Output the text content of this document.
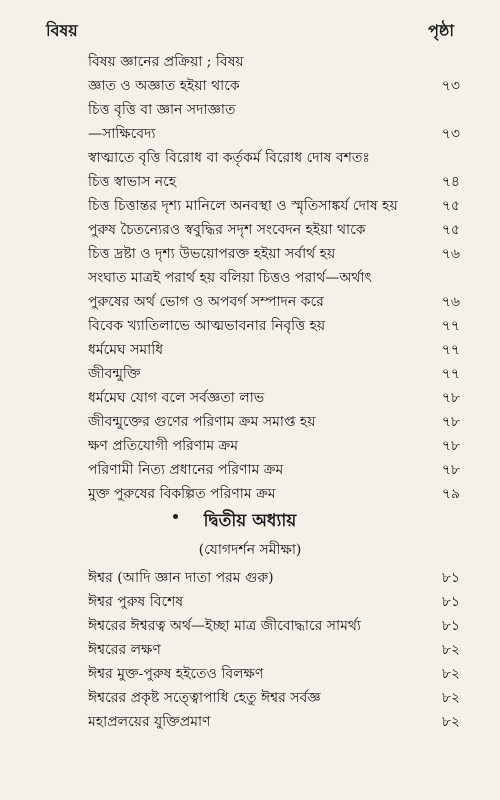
বিষয়	পৃষ্ঠা
বিষয় জ্ঞানের প্রক্রিয়া ; বিষয়
জ্ঞাত ও অজ্ঞাত হইয়া থাকে	৭৩
চিত্ত বৃত্তি বা জ্ঞান সদাজ্ঞাত
—সাক্ষিবেদ্য	৭৩
স্বাত্মাতে বৃত্তি বিরোধ বা কর্তৃকর্ম বিরোধ দোষ বশতঃ
চিত্ত স্বাভাস নহে	৭৪
চিত্ত চিত্তান্তর দৃশ্য মানিলে অনবস্থা ও স্মৃতিসাঙ্কর্য দোষ হয়	৭৫
পুরুষ চৈতন্যেরও স্ববুদ্ধির সদৃশ সংবেদন হইয়া থাকে	৭৫
চিত্ত দ্রষ্টা ও দৃশ্য উভয়োপরক্ত হইয়া সর্বার্থ হয়	৭৬
সংঘাত মাত্রই পরার্থ হয় বলিয়া চিত্তও পরার্থ—অর্থাৎ
পুরুষের অর্থ ভোগ ও অপবর্গ সম্পাদন করে	৭৬
বিবেক খ্যাতিলাভে আত্মভাবনার নিবৃত্তি হয়	৭৭
ধর্মমেঘ সমাধি	৭৭
জীবন্মুক্তি	৭৭
ধর্মমেঘ যোগ বলে সর্বজ্ঞতা লাভ	৭৮
জীবন্মুক্তের গুণের পরিণাম ক্রম সমাপ্ত হয়	৭৮
ক্ষণ প্রতিযোগী পরিণাম ক্রম	৭৮
পরিণামী নিত্য প্রধানের পরিণাম ক্রম	৭৮
মুক্ত পুরুষের বিকল্পিত পরিণাম ক্রম	৭৯
দ্বিতীয় অধ্যায়
(যোগদর্শন সমীক্ষা)
ঈশ্বর (আদি জ্ঞান দাতা পরম গুরু)	৮১
ঈশ্বর পুরুষ বিশেষ	৮১
ঈশ্বরের ঈশ্বরত্ব অর্থ—ইচ্ছা মাত্র জীবোদ্ধারে সামর্থ্য	৮১
ঈশ্বরের লক্ষণ	৮২
ঈশ্বর মুক্ত-পুরুষ হইতেও বিলক্ষণ	৮২
ঈশ্বরের প্রকৃষ্ট সত্ত্বোপাধি হেতু ঈশ্বর সর্বজ্ঞ	৮২
মহাপ্রলয়ের যুক্তিপ্রমাণ	৮২
